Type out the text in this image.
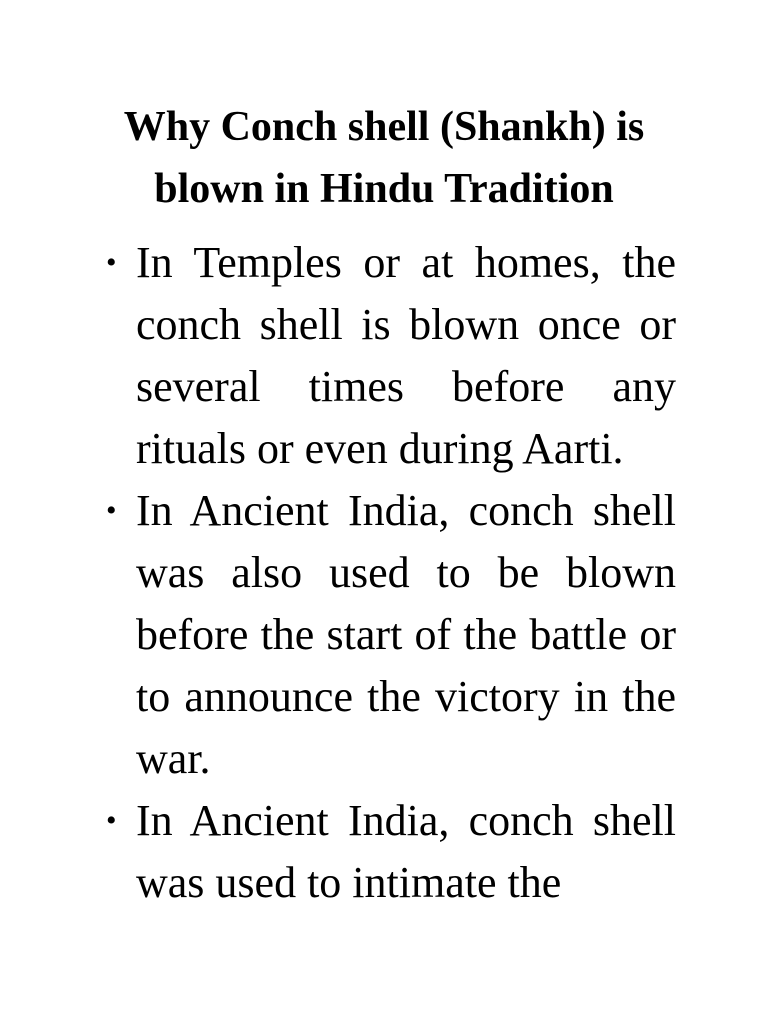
Why Conch shell (Shankh) is
blown in Hindu Tradition
• In Temples or at homes, the conch shell is blown once or several times before any rituals or even during Aarti.
• In Ancient India, conch shell was also used to be blown before the start of the battle or to announce the victory in the war.
• In Ancient India, conch shell was used to intimate the
